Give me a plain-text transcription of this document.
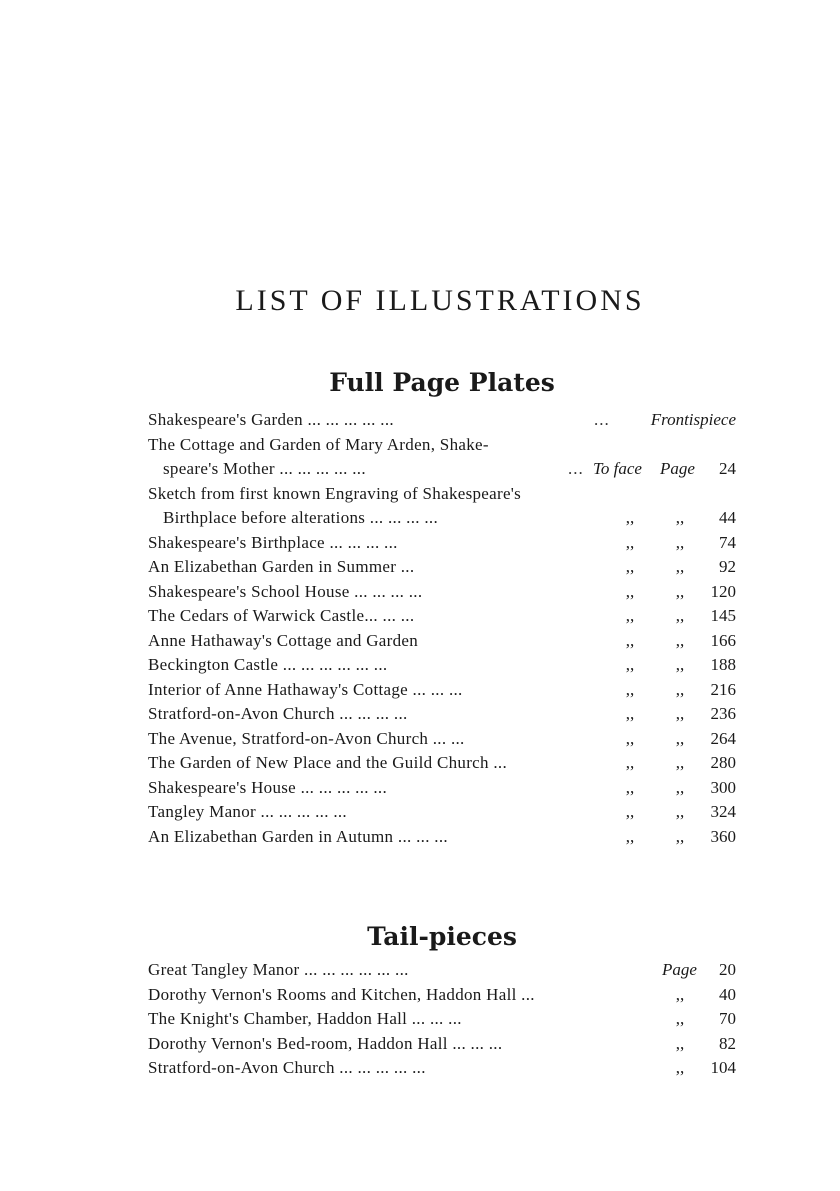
LIST OF ILLUSTRATIONS
Full Page Plates
Shakespeare's Garden ... ... ... ... ...	... Frontispiece
The Cottage and Garden of Mary Arden, Shake-
speare's Mother ... ... ... ... ...	... To face Page 24
Sketch from first known Engraving of Shakespeare's
Birthplace before alterations ... ... ... ...	,,	,,	44
Shakespeare's Birthplace ... ... ... ...	,,	,,	74
An Elizabethan Garden in Summer ...	,,	,,	92
Shakespeare's School House ... ... ... ...	,,	,,	120
The Cedars of Warwick Castle... ... ...	,,	,,	145
Anne Hathaway's Cottage and Garden	,,	,,	166
Beckington Castle ... ... ... ... ... ...	,,	,,	188
Interior of Anne Hathaway's Cottage ... ... ...	,,	,,	216
Stratford-on-Avon Church ... ... ... ...	,,	,,	236
The Avenue, Stratford-on-Avon Church ... ...	,,	,,	264
The Garden of New Place and the Guild Church ...	,,	,,	280
Shakespeare's House ... ... ... ... ...	,,	,,	300
Tangley Manor ... ... ... ... ...	,,	,,	324
An Elizabethan Garden in Autumn ... ... ...	,,	,,	360
Tail-pieces
Great Tangley Manor ... ... ... ... ... ...	Page 20
Dorothy Vernon's Rooms and Kitchen, Haddon Hall ...	,,	40
The Knight's Chamber, Haddon Hall ... ... ...	,,	70
Dorothy Vernon's Bed-room, Haddon Hall ... ... ...	,,	82
Stratford-on-Avon Church ... ... ... ... ...	,,	104
